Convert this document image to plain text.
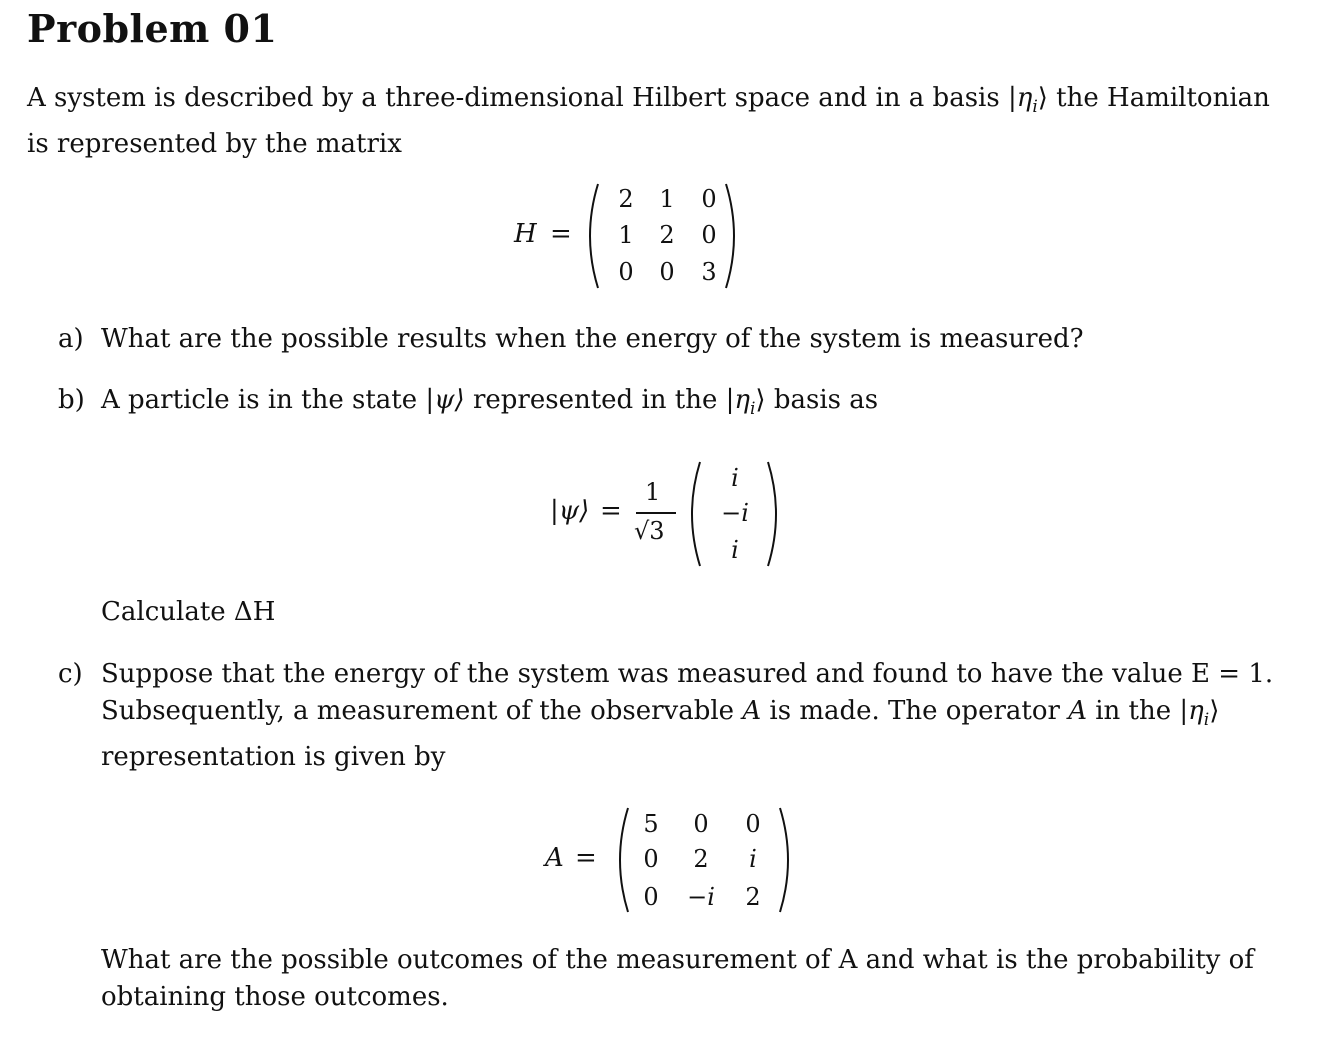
Problem 01
A system is described by a three-dimensional Hilbert space and in a basis $|\eta_i⟩$ the Hamiltonian
is represented by the matrix
H =
2	1	0
1	2	0
0	0	3
a) What are the possible results when the energy of the system is measured?
b) A particle is in the state |ψ⟩ represented in the $|\eta_i⟩$ basis as
|ψ⟩ =
1
√3
i
−i
i
Calculate ΔH
c) Suppose that the energy of the system was measured and found to have the value E = 1.
Subsequently, a measurement of the observable A is made. The operator A in the $|\eta_i⟩$
representation is given by
A =
5	0	0
0	2	i
0	−i	2
What are the possible outcomes of the measurement of A and what is the probability of
obtaining those outcomes.
